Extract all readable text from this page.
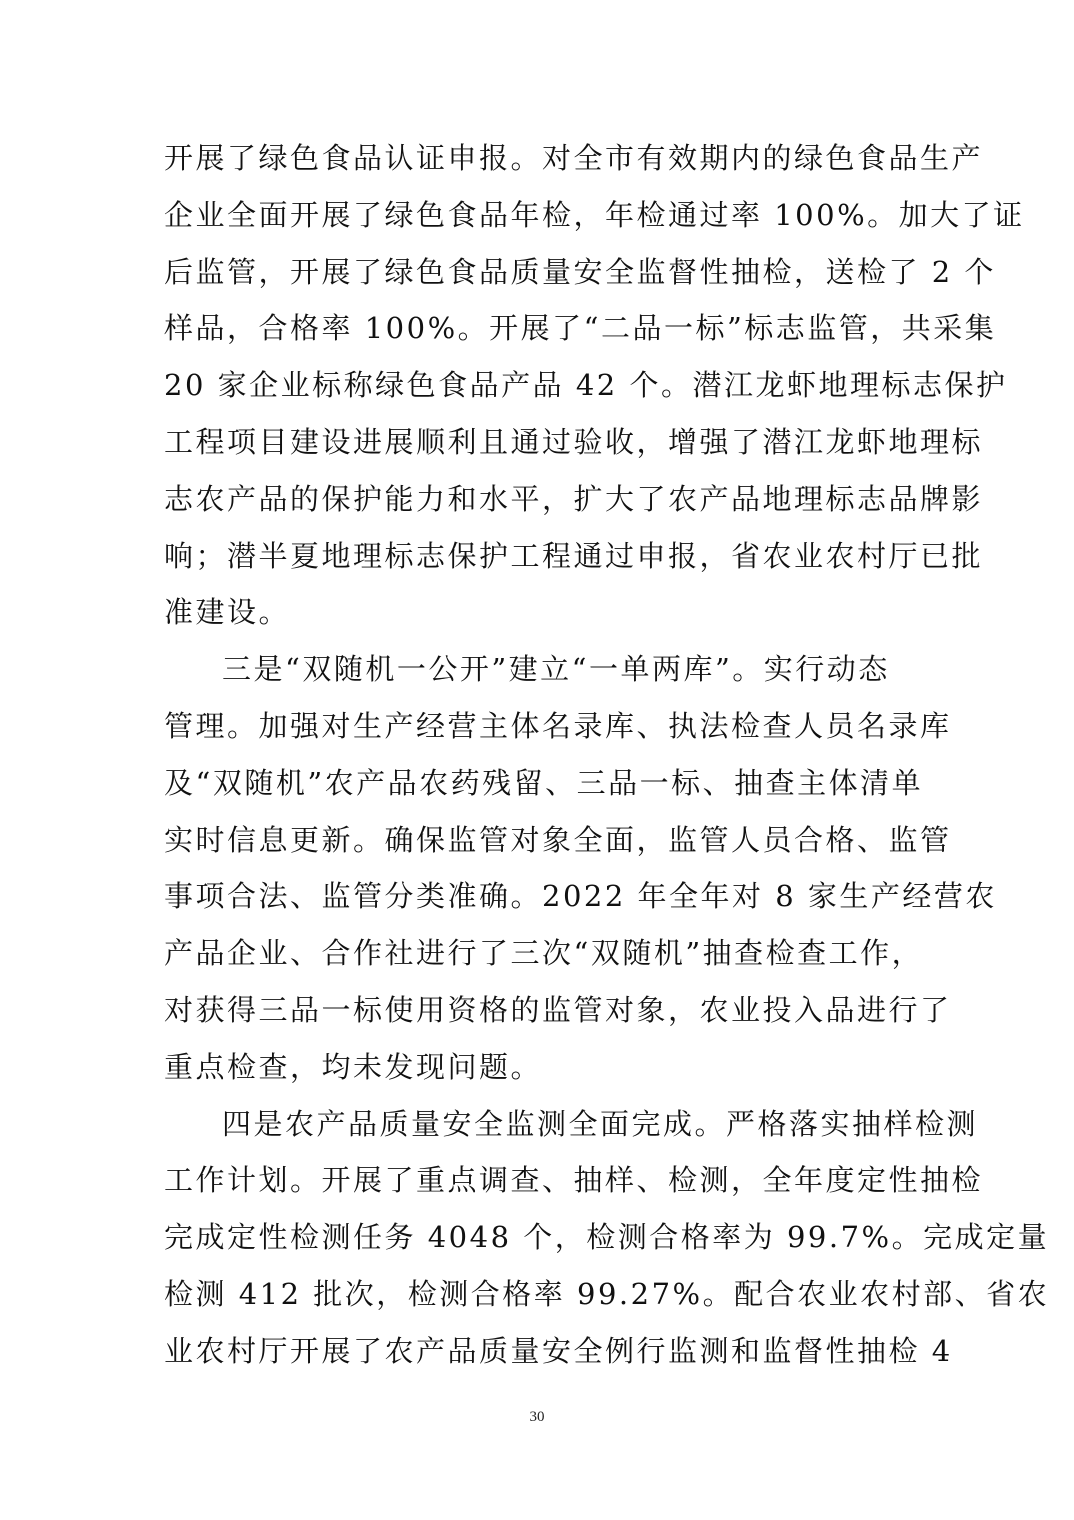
开展了绿色食品认证申报。对全市有效期内的绿色食品生产
企业全面开展了绿色食品年检，年检通过率 100%。加大了证
后监管，开展了绿色食品质量安全监督性抽检，送检了 2 个
样品，合格率 100%。开展了“二品一标”标志监管，共采集
20 家企业标称绿色食品产品 42 个。潜江龙虾地理标志保护
工程项目建设进展顺利且通过验收，增强了潜江龙虾地理标
志农产品的保护能力和水平，扩大了农产品地理标志品牌影
响；潜半夏地理标志保护工程通过申报，省农业农村厅已批
准建设。
三是“双随机一公开”建立“一单两库”。实行动态
管理。加强对生产经营主体名录库、执法检查人员名录库
及“双随机”农产品农药残留、三品一标、抽查主体清单
实时信息更新。确保监管对象全面，监管人员合格、监管
事项合法、监管分类准确。2022 年全年对 8 家生产经营农
产品企业、合作社进行了三次“双随机”抽查检查工作，
对获得三品一标使用资格的监管对象，农业投入品进行了
重点检查，均未发现问题。
四是农产品质量安全监测全面完成。严格落实抽样检测
工作计划。开展了重点调查、抽样、检测，全年度定性抽检
完成定性检测任务 4048 个，检测合格率为 99.7%。完成定量
检测 412 批次，检测合格率 99.27%。配合农业农村部、省农
业农村厅开展了农产品质量安全例行监测和监督性抽检 4
30
